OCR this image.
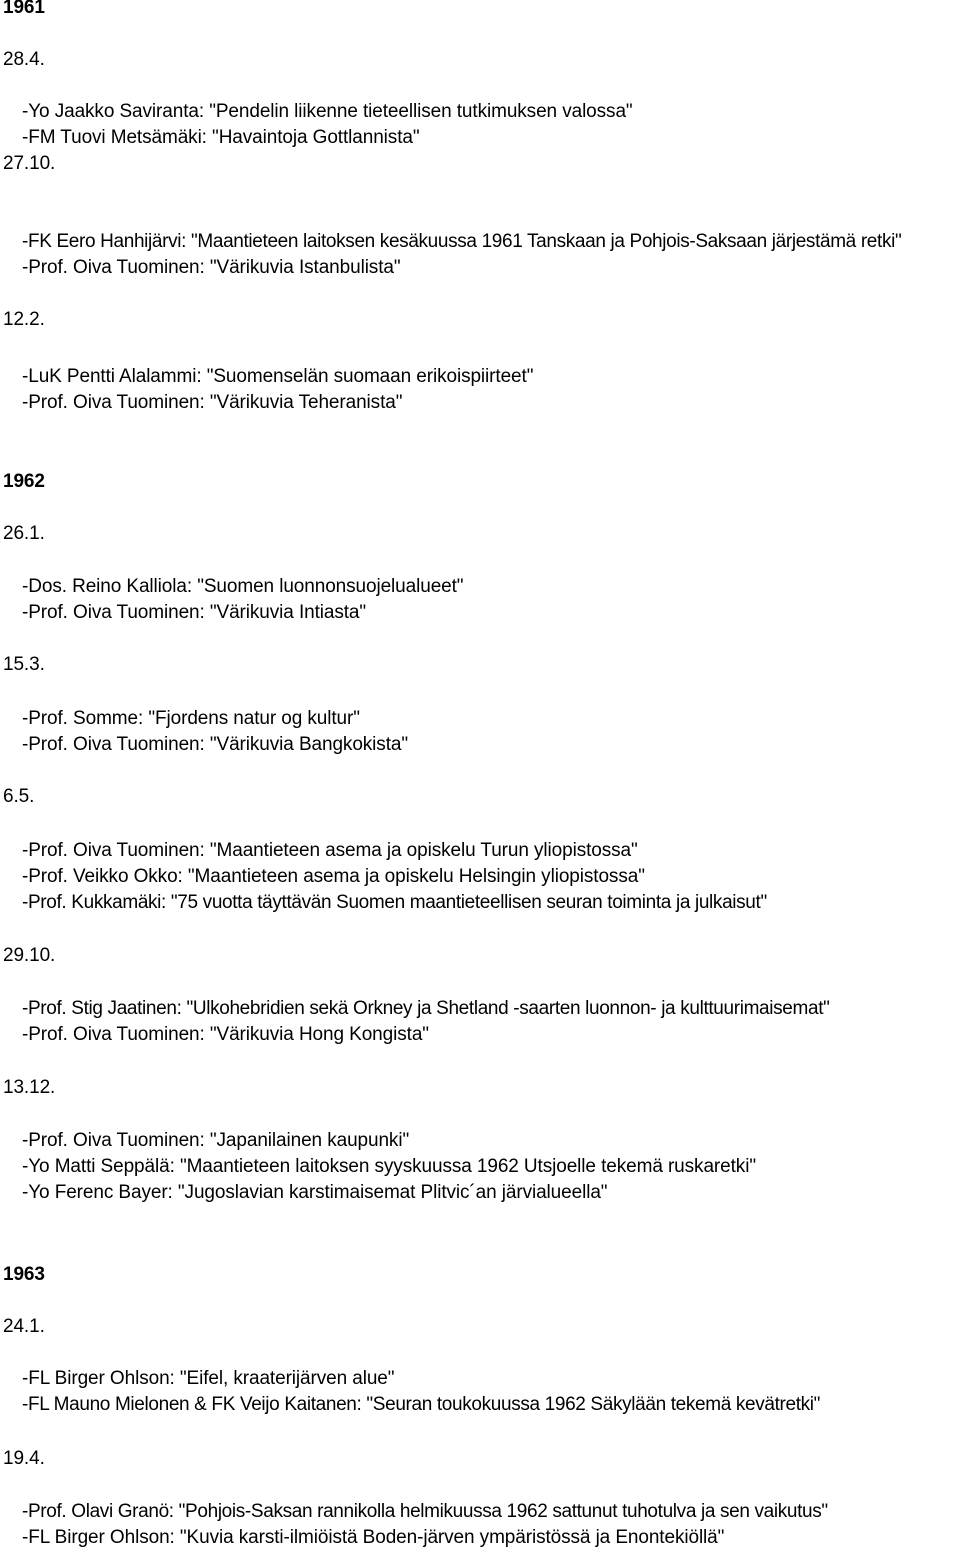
1961
28.4.
-Yo Jaakko Saviranta: "Pendelin liikenne tieteellisen tutkimuksen valossa"
-FM Tuovi Metsämäki: "Havaintoja Gottlannista"
27.10.
-FK Eero Hanhijärvi: "Maantieteen laitoksen kesäkuussa 1961 Tanskaan ja Pohjois-Saksaan järjestämä retki"
-Prof. Oiva Tuominen: "Värikuvia Istanbulista"
12.2.
-LuK Pentti Alalammi: "Suomenselän suomaan erikoispiirteet"
-Prof. Oiva Tuominen: "Värikuvia Teheranista"
1962
26.1.
-Dos. Reino Kalliola: "Suomen luonnonsuojelualueet"
-Prof. Oiva Tuominen: "Värikuvia Intiasta"
15.3.
-Prof. Somme: "Fjordens natur og kultur"
-Prof. Oiva Tuominen: "Värikuvia Bangkokista"
6.5.
-Prof. Oiva Tuominen: "Maantieteen asema ja opiskelu Turun yliopistossa"
-Prof. Veikko Okko: "Maantieteen asema ja opiskelu Helsingin yliopistossa"
-Prof. Kukkamäki: "75 vuotta täyttävän Suomen maantieteellisen seuran toiminta ja julkaisut"
29.10.
-Prof. Stig Jaatinen: "Ulkohebridien sekä Orkney ja Shetland -saarten luonnon- ja kulttuurimaisemat"
-Prof. Oiva Tuominen: "Värikuvia Hong Kongista"
13.12.
-Prof. Oiva Tuominen: "Japanilainen kaupunki"
-Yo Matti Seppälä: "Maantieteen laitoksen syyskuussa 1962 Utsjoelle tekemä ruskaretki"
-Yo Ferenc Bayer: "Jugoslavian karstimaisemat Plitvic´an järvialueella"
1963
24.1.
-FL Birger Ohlson: "Eifel, kraaterijärven alue"
-FL Mauno Mielonen & FK Veijo Kaitanen: "Seuran toukokuussa 1962 Säkylään tekemä kevätretki"
19.4.
-Prof. Olavi Granö: "Pohjois-Saksan rannikolla helmikuussa 1962 sattunut tuhotulva ja sen vaikutus"
-FL Birger Ohlson: "Kuvia karsti-ilmiöistä Boden-järven ympäristössä ja Enontekiöllä"
